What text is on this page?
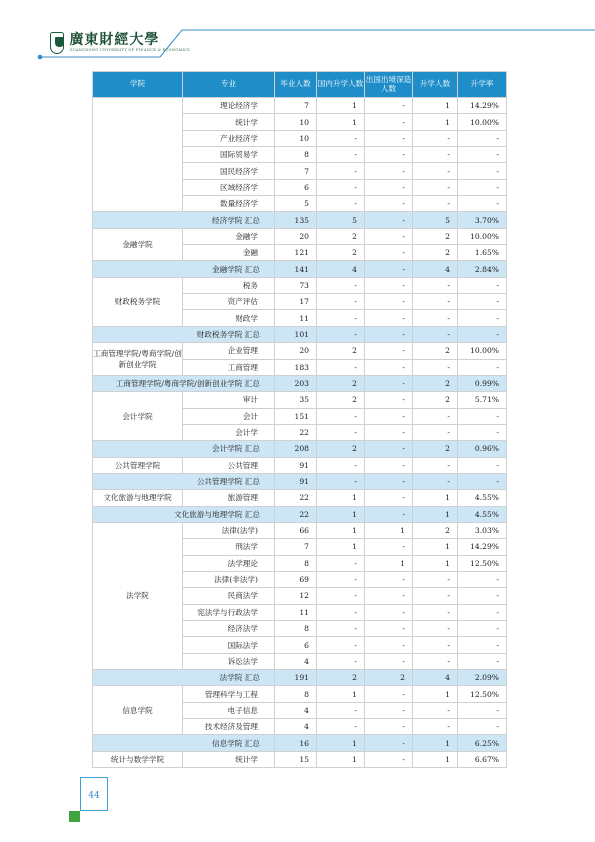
廣東財經大學
GUANGDONG UNIVERSITY OF FINANCE & ECONOMICS
学院	专业	毕业人数	国内升学人数	出国出境深造人数	升学人数	升学率
	理论经济学	7	1	-	1	14.29%
	统计学	10	1	-	1	10.00%
	产业经济学	10	-	-	-	-
	国际贸易学	8	-	-	-	-
	国民经济学	7	-	-	-	-
	区域经济学	6	-	-	-	-
	数量经济学	5	-	-	-	-
经济学院 汇总		135	5	-	5	3.70%
金融学院	金融学	20	2	-	2	10.00%
	金融	121	2	-	2	1.65%
金融学院 汇总		141	4	-	4	2.84%
财政税务学院	税务	73	-	-	-	-
	资产评估	17	-	-	-	-
	财政学	11	-	-	-	-
财政税务学院 汇总		101	-	-	-	-
工商管理学院/粤商学院/创新创业学院	企业管理	20	2	-	2	10.00%
	工商管理	183	-	-	-	-
工商管理学院/粤商学院/创新创业学院 汇总		203	2	-	2	0.99%
会计学院	审计	35	2	-	2	5.71%
	会计	151	-	-	-	-
	会计学	22	-	-	-	-
会计学院 汇总		208	2	-	2	0.96%
公共管理学院	公共管理	91	-	-	-	-
公共管理学院 汇总		91	-	-	-	-
文化旅游与地理学院	旅游管理	22	1	-	1	4.55%
文化旅游与地理学院 汇总		22	1	-	1	4.55%
法学院	法律(法学)	66	1	1	2	3.03%
	刑法学	7	1	-	1	14.29%
	法学理论	8	-	1	1	12.50%
	法律(非法学)	69	-	-	-	-
	民商法学	12	-	-	-	-
	宪法学与行政法学	11	-	-	-	-
	经济法学	8	-	-	-	-
	国际法学	6	-	-	-	-
	诉讼法学	4	-	-	-	-
法学院 汇总		191	2	2	4	2.09%
信息学院	管理科学与工程	8	1	-	1	12.50%
	电子信息	4	-	-	-	-
	技术经济及管理	4	-	-	-	-
信息学院 汇总		16	1	-	1	6.25%
统计与数学学院	统计学	15	1	-	1	6.67%
44
